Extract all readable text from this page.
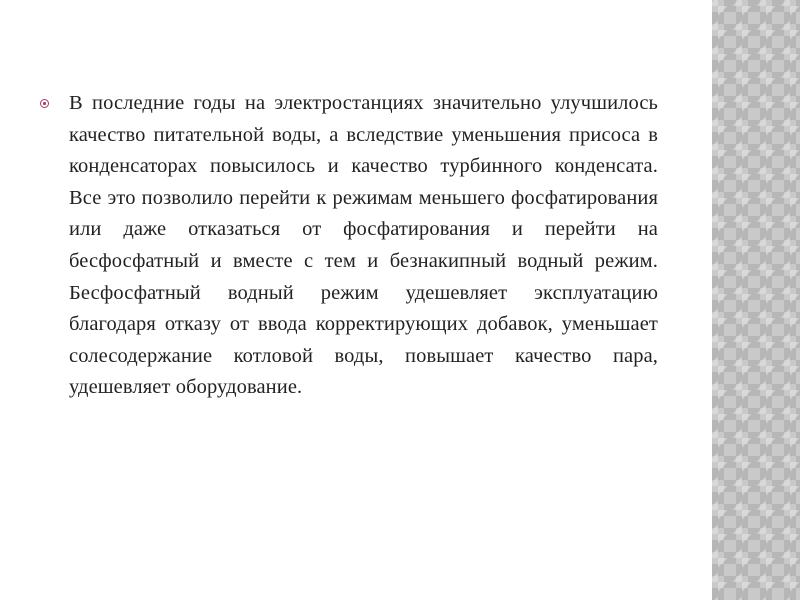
В последние годы на электростанциях значительно улучшилось качество питательной воды, а вследствие уменьшения присоса в конденсаторах повысилось и качество турбинного конденсата. Все это позволило перейти к режимам меньшего фосфатирования или даже отказаться от фосфатирования и перейти на бесфосфатный и вместе с тем и безнакипный водный режим. Бесфосфатный водный режим удешевляет эксплуатацию благодаря отказу от ввода корректирующих добавок, уменьшает солесодержание котловой воды, повышает качество пара, удешевляет оборудование.
